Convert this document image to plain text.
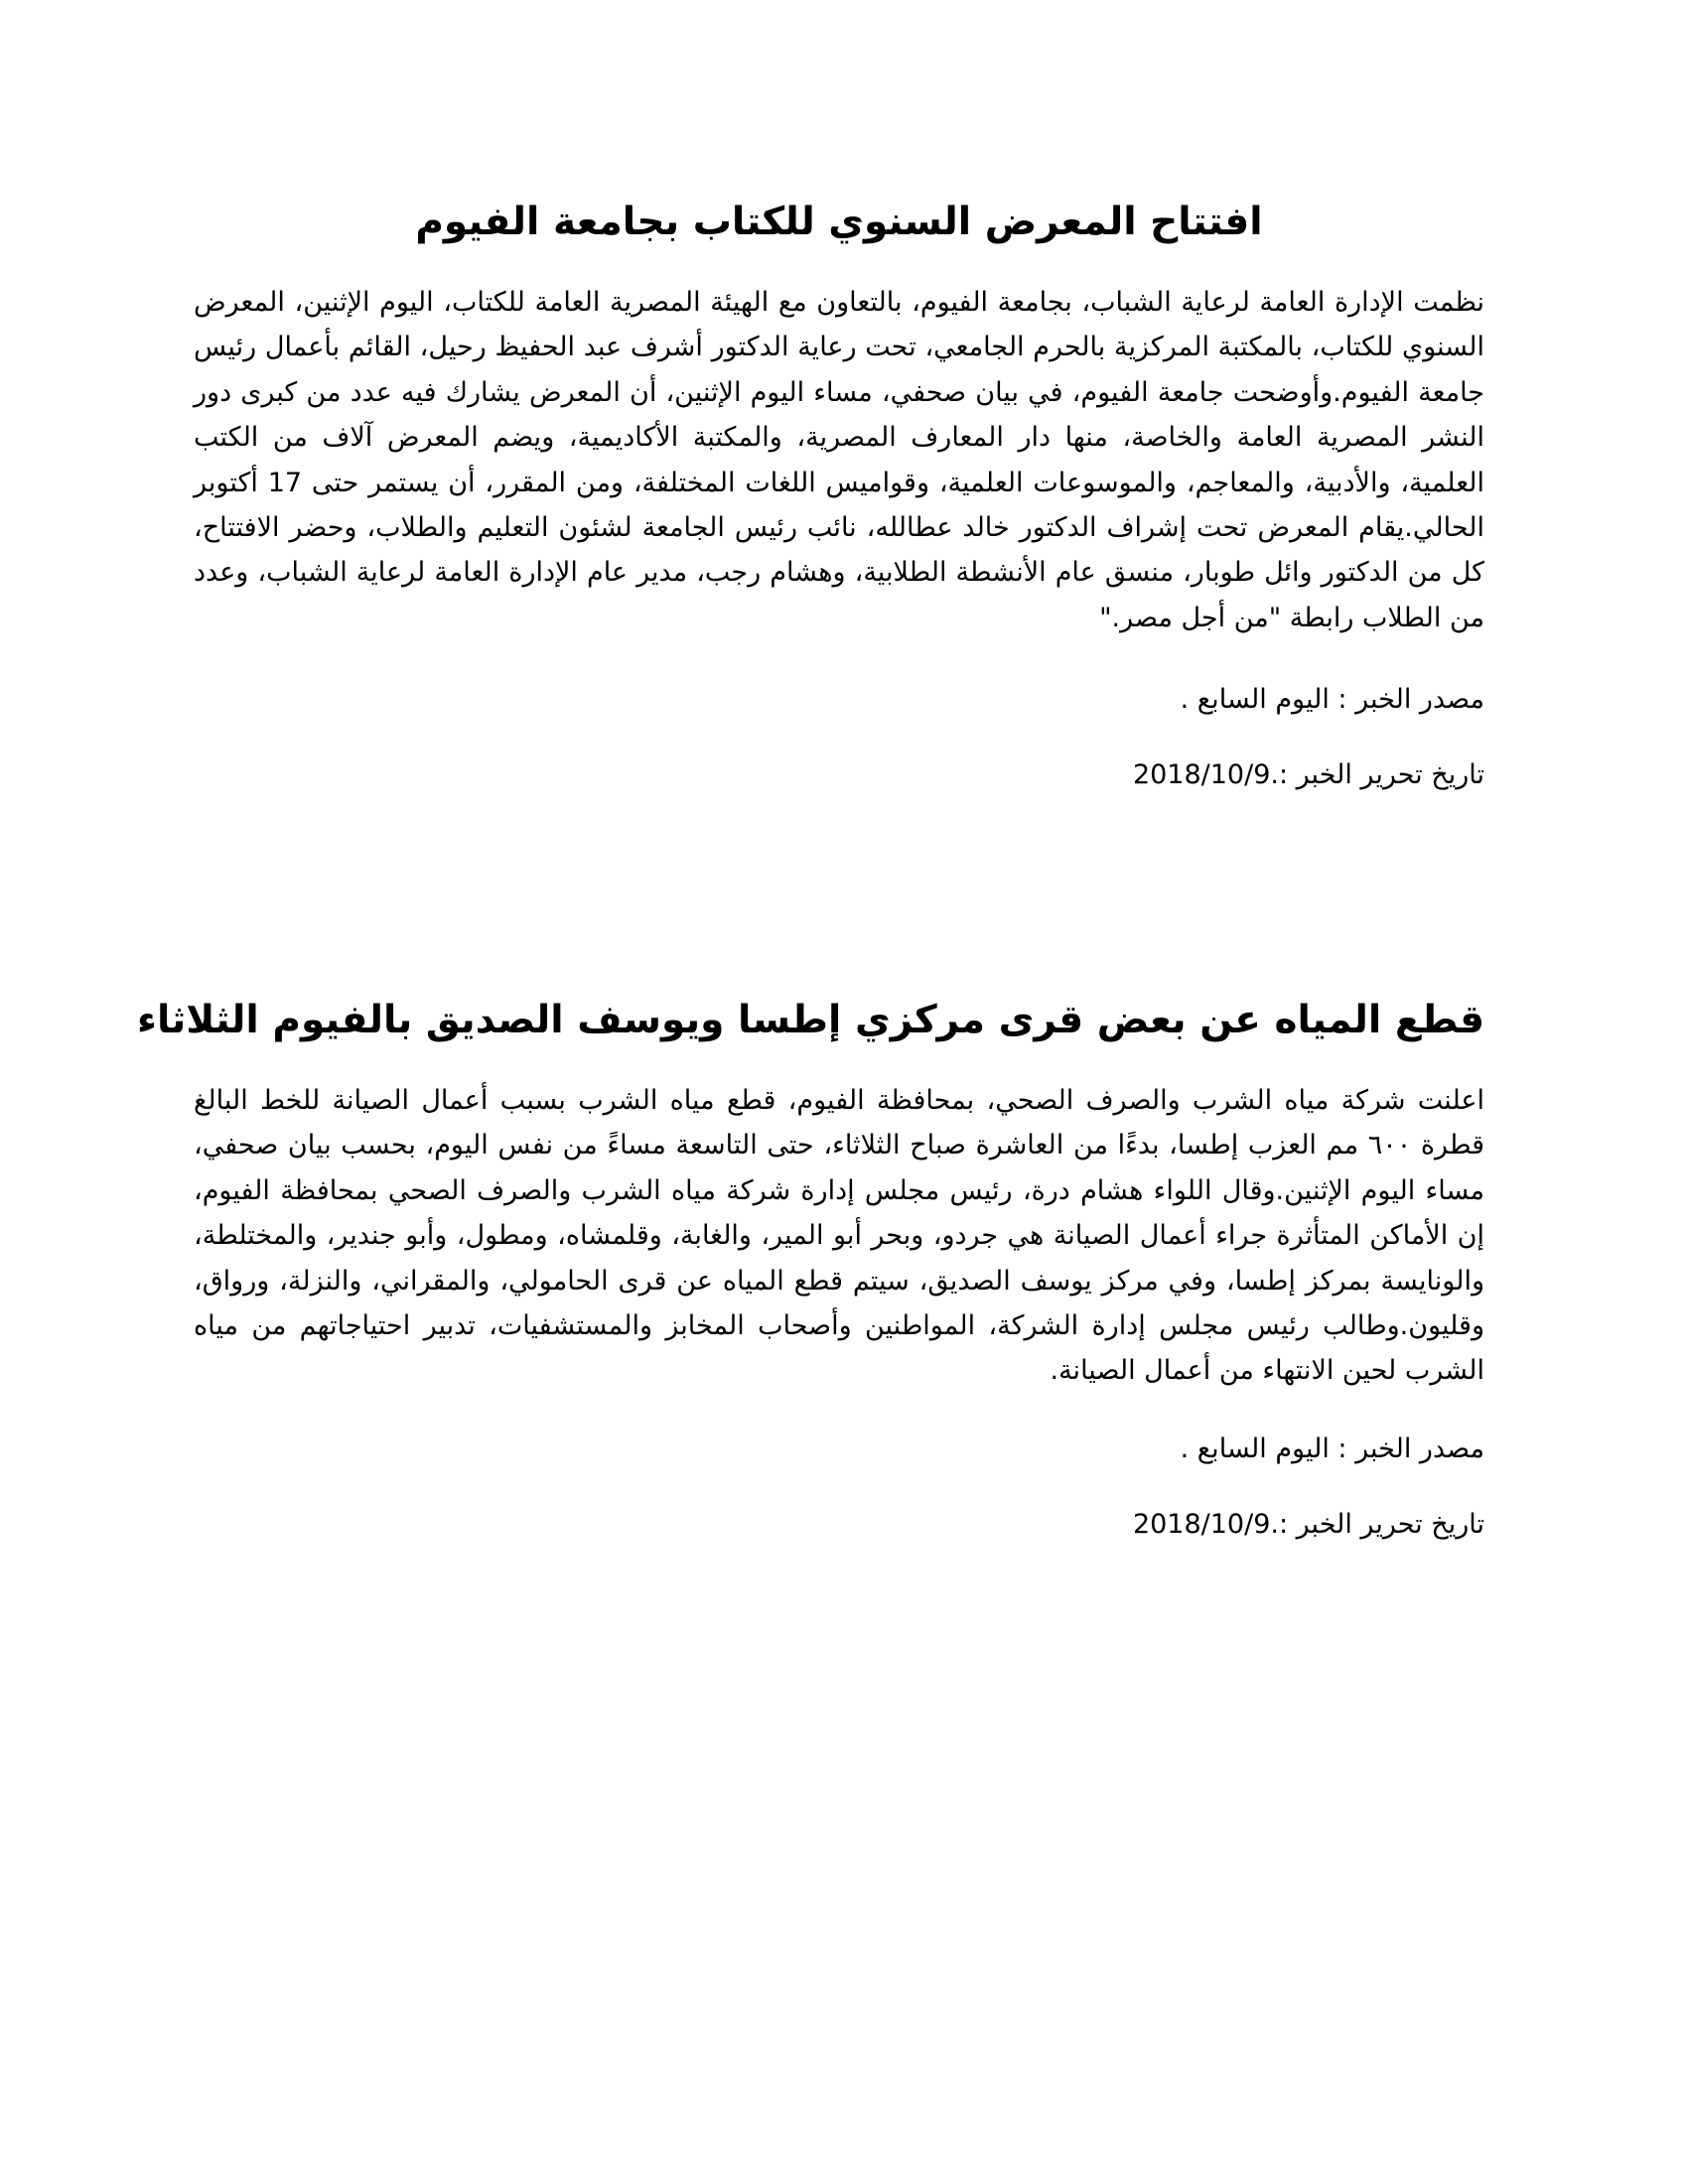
افتتاح المعرض السنوي للكتاب بجامعة الفيوم

نظمت الإدارة العامة لرعاية الشباب، بجامعة الفيوم، بالتعاون مع الهيئة المصرية العامة للكتاب، اليوم الإثنين، المعرض السنوي للكتاب، بالمكتبة المركزية بالحرم الجامعي، تحت رعاية الدكتور أشرف عبد الحفيظ رحيل، القائم بأعمال رئيس جامعة الفيوم.وأوضحت جامعة الفيوم، في بيان صحفي، مساء اليوم الإثنين، أن المعرض يشارك فيه عدد من كبرى دور النشر المصرية العامة والخاصة، منها دار المعارف المصرية، والمكتبة الأكاديمية، ويضم المعرض آلاف من الكتب العلمية، والأدبية، والمعاجم، والموسوعات العلمية، وقواميس اللغات المختلفة، ومن المقرر، أن يستمر حتى 17 أكتوبر الحالي.يقام المعرض تحت إشراف الدكتور خالد عطالله، نائب رئيس الجامعة لشئون التعليم والطلاب، وحضر الافتتاح، كل من الدكتور وائل طوبار، منسق عام الأنشطة الطلابية، وهشام رجب، مدير عام الإدارة العامة لرعاية الشباب، وعدد من الطلاب رابطة "من أجل مصر."

مصدر الخبر : اليوم السابع .

تاريخ تحرير الخبر :2018/10/9.

قطع المياه عن بعض قرى مركزي إطسا ويوسف الصديق بالفيوم الثلاثاء

اعلنت شركة مياه الشرب والصرف الصحي، بمحافظة الفيوم، قطع مياه الشرب بسبب أعمال الصيانة للخط البالغ قطرة ٦٠٠ مم العزب إطسا، بدءًا من العاشرة صباح الثلاثاء، حتى التاسعة مساءً من نفس اليوم، بحسب بيان صحفي، مساء اليوم الإثنين.وقال اللواء هشام درة، رئيس مجلس إدارة شركة مياه الشرب والصرف الصحي بمحافظة الفيوم، إن الأماكن المتأثرة جراء أعمال الصيانة هي جردو، وبحر أبو المير، والغابة، وقلمشاه، ومطول، وأبو جندير، والمختلطة، والونايسة بمركز إطسا، وفي مركز يوسف الصديق، سيتم قطع المياه عن قرى الحامولي، والمقراني، والنزلة، ورواق، وقليون.وطالب رئيس مجلس إدارة الشركة، المواطنين وأصحاب المخابز والمستشفيات، تدبير احتياجاتهم من مياه الشرب لحين الانتهاء من أعمال الصيانة.

مصدر الخبر : اليوم السابع .

تاريخ تحرير الخبر :2018/10/9.
